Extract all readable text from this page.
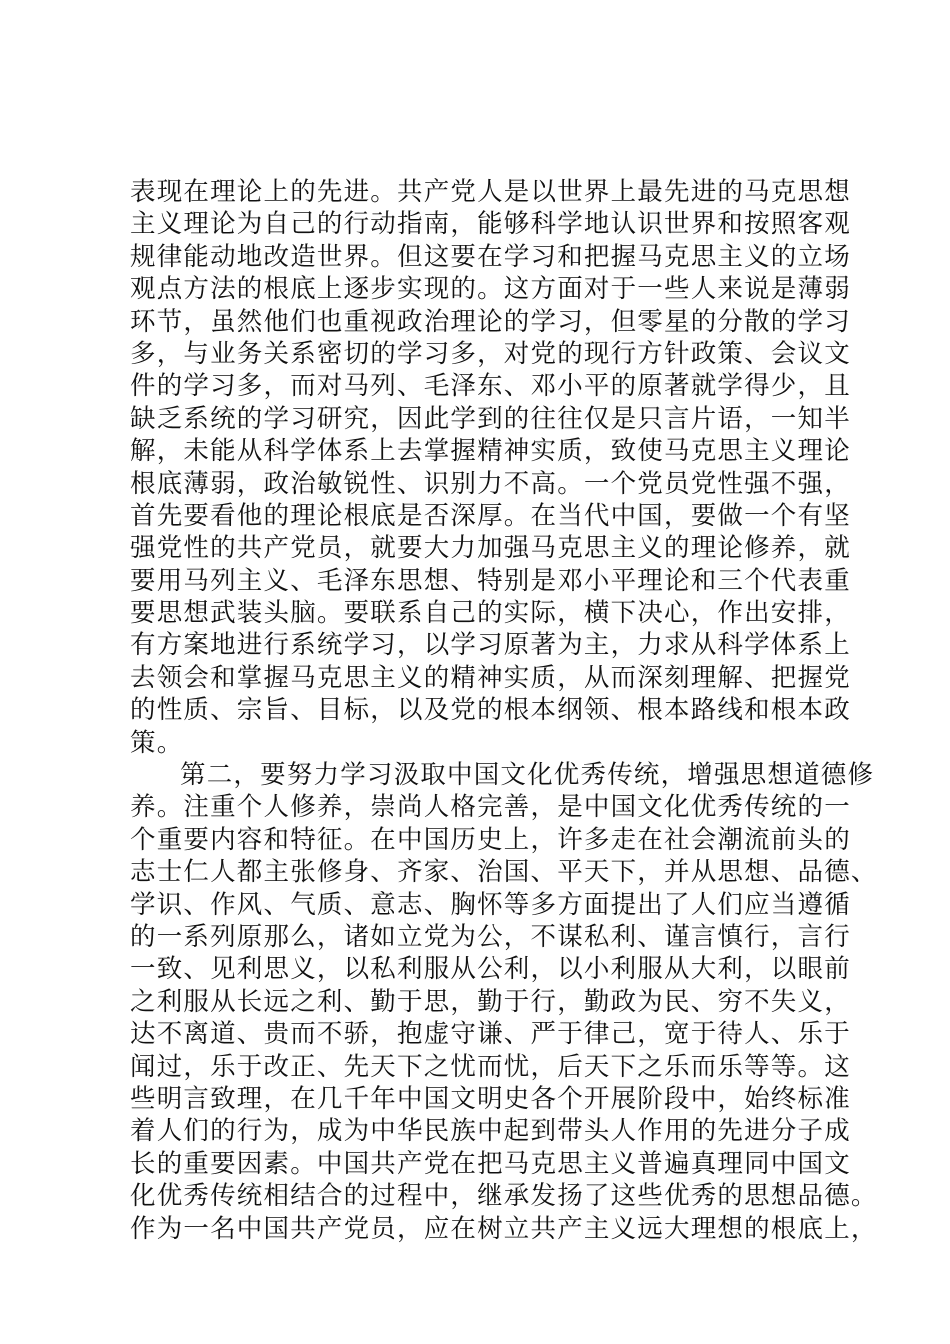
表现在理论上的先进。共产党人是以世界上最先进的马克思想
主义理论为自己的行动指南，能够科学地认识世界和按照客观
规律能动地改造世界。但这要在学习和把握马克思主义的立场
观点方法的根底上逐步实现的。这方面对于一些人来说是薄弱
环节，虽然他们也重视政治理论的学习，但零星的分散的学习
多，与业务关系密切的学习多，对党的现行方针政策、会议文
件的学习多，而对马列、毛泽东、邓小平的原著就学得少，且
缺乏系统的学习研究，因此学到的往往仅是只言片语，一知半
解，未能从科学体系上去掌握精神实质，致使马克思主义理论
根底薄弱，政治敏锐性、识别力不高。一个党员党性强不强，
首先要看他的理论根底是否深厚。在当代中国，要做一个有坚
强党性的共产党员，就要大力加强马克思主义的理论修养，就
要用马列主义、毛泽东思想、特别是邓小平理论和三个代表重
要思想武装头脑。要联系自己的实际，横下决心，作出安排，
有方案地进行系统学习，以学习原著为主，力求从科学体系上
去领会和掌握马克思主义的精神实质，从而深刻理解、把握党
的性质、宗旨、目标，以及党的根本纲领、根本路线和根本政
策。
第二，要努力学习汲取中国文化优秀传统，增强思想道德修
养。注重个人修养，崇尚人格完善，是中国文化优秀传统的一
个重要内容和特征。在中国历史上，许多走在社会潮流前头的
志士仁人都主张修身、齐家、治国、平天下，并从思想、品德、
学识、作风、气质、意志、胸怀等多方面提出了人们应当遵循
的一系列原那么，诸如立党为公，不谋私利、谨言慎行，言行
一致、见利思义，以私利服从公利，以小利服从大利，以眼前
之利服从长远之利、勤于思，勤于行，勤政为民、穷不失义，
达不离道、贵而不骄，抱虚守谦、严于律己，宽于待人、乐于
闻过，乐于改正、先天下之忧而忧，后天下之乐而乐等等。这
些明言致理，在几千年中国文明史各个开展阶段中，始终标准
着人们的行为，成为中华民族中起到带头人作用的先进分子成
长的重要因素。中国共产党在把马克思主义普遍真理同中国文
化优秀传统相结合的过程中，继承发扬了这些优秀的思想品德。
作为一名中国共产党员，应在树立共产主义远大理想的根底上，
